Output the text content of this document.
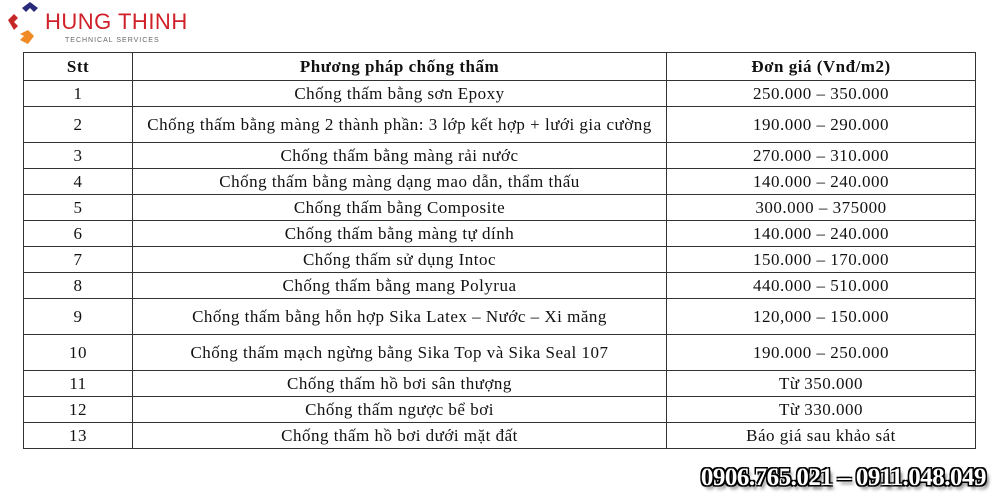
HUNG THINH
TECHNICAL SERVICES
Stt	Phương pháp chống thấm	Đơn giá (Vnđ/m2)
1	Chống thấm bằng sơn Epoxy	250.000 – 350.000
2	Chống thấm bằng màng 2 thành phần: 3 lớp kết hợp + lưới gia cường	190.000 – 290.000
3	Chống thấm bằng màng rải nước	270.000 – 310.000
4	Chống thấm bằng màng dạng mao dẫn, thẩm thấu	140.000 – 240.000
5	Chống thấm bằng Composite	300.000 – 375000
6	Chống thấm bằng màng tự dính	140.000 – 240.000
7	Chống thấm sử dụng Intoc	150.000 – 170.000
8	Chống thấm bằng mang Polyrua	440.000 – 510.000
9	Chống thấm bằng hỗn hợp Sika Latex – Nước – Xi măng	120,000 – 150.000
10	Chống thấm mạch ngừng bằng Sika Top và Sika Seal 107	190.000 – 250.000
11	Chống thấm hồ bơi sân thượng	Từ 350.000
12	Chống thấm ngược bể bơi	Từ 330.000
13	Chống thấm hồ bơi dưới mặt đất	Báo giá sau khảo sát
0906.765.021 – 0911.048.049
